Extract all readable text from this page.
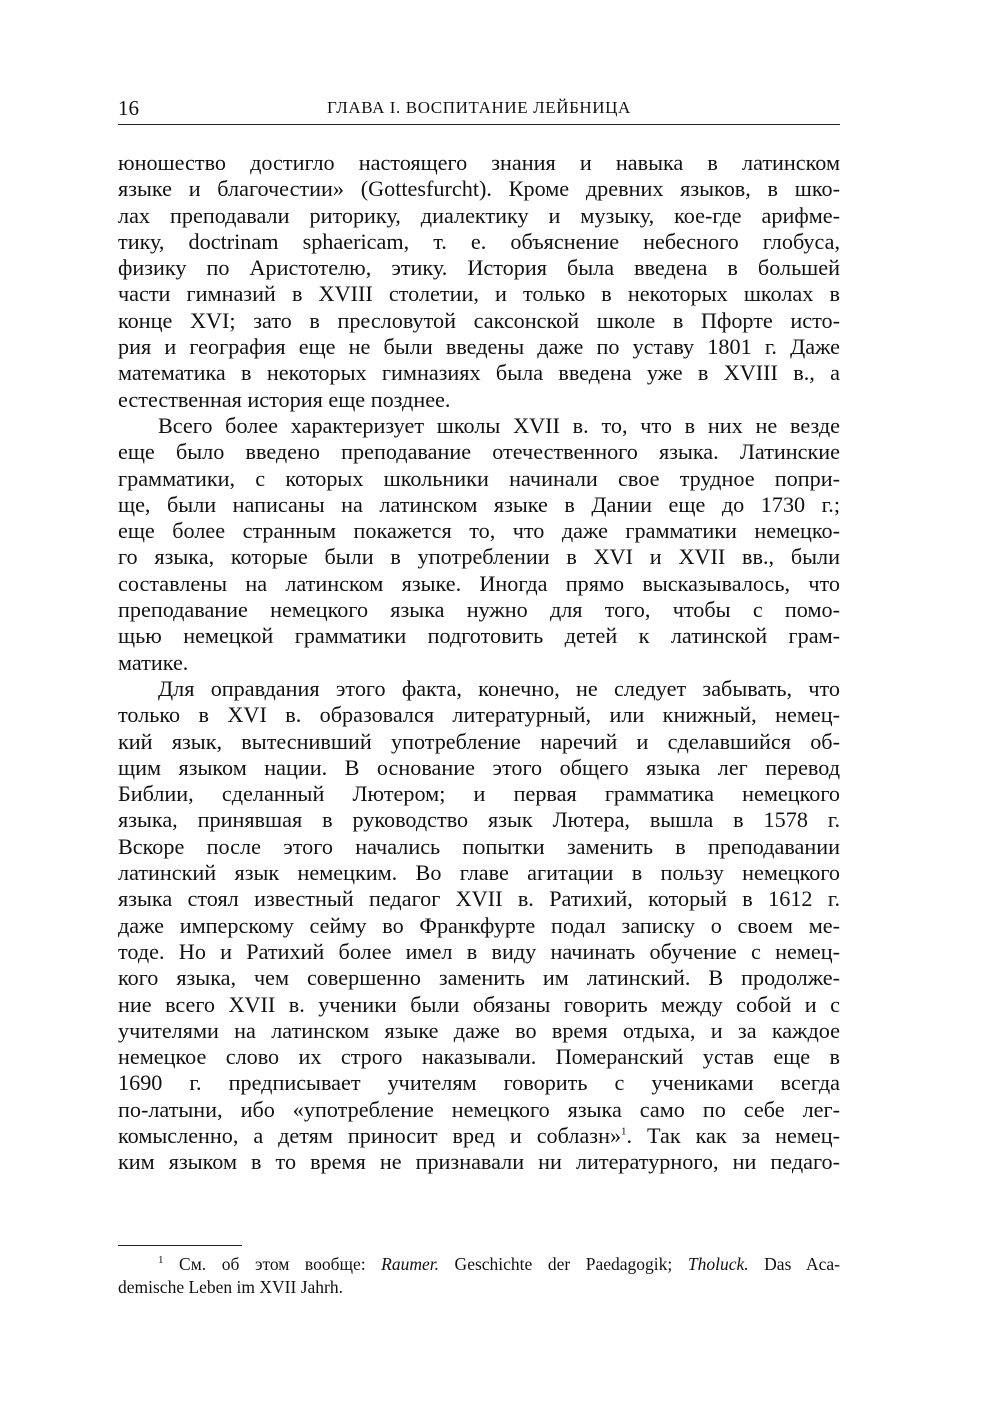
16	ГЛАВА I. ВОСПИТАНИЕ ЛЕЙБНИЦА
юношество достигло настоящего знания и навыка в латинском
языке и благочестии» (Gottesfurcht). Кроме древних языков, в шко-
лах преподавали риторику, диалектику и музыку, кое-где арифме-
тику, doctrinam sphaericam, т. е. объяснение небесного глобуса,
физику по Аристотелю, этику. История была введена в большей
части гимназий в XVIII столетии, и только в некоторых школах в
конце XVI; зато в пресловутой саксонской школе в Пфорте исто-
рия и география еще не были введены даже по уставу 1801 г. Даже
математика в некоторых гимназиях была введена уже в XVIII в., а
естественная история еще позднее.
Всего более характеризует школы XVII в. то, что в них не везде
еще было введено преподавание отечественного языка. Латинские
грамматики, с которых школьники начинали свое трудное попри-
ще, были написаны на латинском языке в Дании еще до 1730 г.;
еще более странным покажется то, что даже грамматики немецко-
го языка, которые были в употреблении в XVI и XVII вв., были
составлены на латинском языке. Иногда прямо высказывалось, что
преподавание немецкого языка нужно для того, чтобы с помо-
щью немецкой грамматики подготовить детей к латинской грам-
матике.
Для оправдания этого факта, конечно, не следует забывать, что
только в XVI в. образовался литературный, или книжный, немец-
кий язык, вытеснивший употребление наречий и сделавшийся об-
щим языком нации. В основание этого общего языка лег перевод
Библии, сделанный Лютером; и первая грамматика немецкого
языка, принявшая в руководство язык Лютера, вышла в 1578 г.
Вскоре после этого начались попытки заменить в преподавании
латинский язык немецким. Во главе агитации в пользу немецкого
языка стоял известный педагог XVII в. Ратихий, который в 1612 г.
даже имперскому сейму во Франкфурте подал записку о своем ме-
тоде. Но и Ратихий более имел в виду начинать обучение с немец-
кого языка, чем совершенно заменить им латинский. В продолже-
ние всего XVII в. ученики были обязаны говорить между собой и с
учителями на латинском языке даже во время отдыха, и за каждое
немецкое слово их строго наказывали. Померанский устав еще в
1690 г. предписывает учителям говорить с учениками всегда
по-латыни, ибо «употребление немецкого языка само по себе лег-
комысленно, а детям приносит вред и соблазн»$^1$. Так как за немец-
ким языком в то время не признавали ни литературного, ни педаго-
$^1$ См. об этом вообще: Raumer. Geschichte der Paedagogik; Tholuck. Das Aca-
demische Leben im XVII Jahrh.
